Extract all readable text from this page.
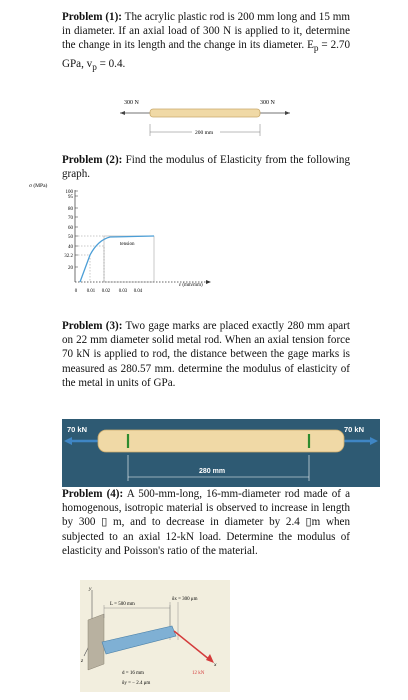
Problem (1): The acrylic plastic rod is 200 mm long and 15 mm in diameter. If an axial load of 300 N is applied to it, determine the change in its length and the change in its diameter. $E_p = 2.70$ GPa, $v_p = 0.4$.
300 N	300 N
200 mm
Problem (2): Find the modulus of Elasticity from the following graph.
σ (MPa)
100
95
80
70
60
50
40
32.2
20
tension
ε (mm/mm)
0 0.01 0.02 0.03 0.04
Problem (3): Two gage marks are placed exactly 280 mm apart on 22 mm diameter solid metal rod. When an axial tension force 70 kN is applied to rod, the distance between the gage marks is measured as 280.57 mm. determine the modulus of elasticity of the metal in units of GPa.
70 kN	70 kN
280 mm
Problem (4): A 500-mm-long, 16-mm-diameter rod made of a homogenous, isotropic material is observed to increase in length by 300 ▯ m, and to decrease in diameter by 2.4 ▯m when subjected to an axial 12-kN load. Determine the modulus of elasticity and Poisson's ratio of the material.
y
z
L = 500 mm
δx = 300 μm
x
12 kN
d = 16 mm
δy = − 2.4 μm
